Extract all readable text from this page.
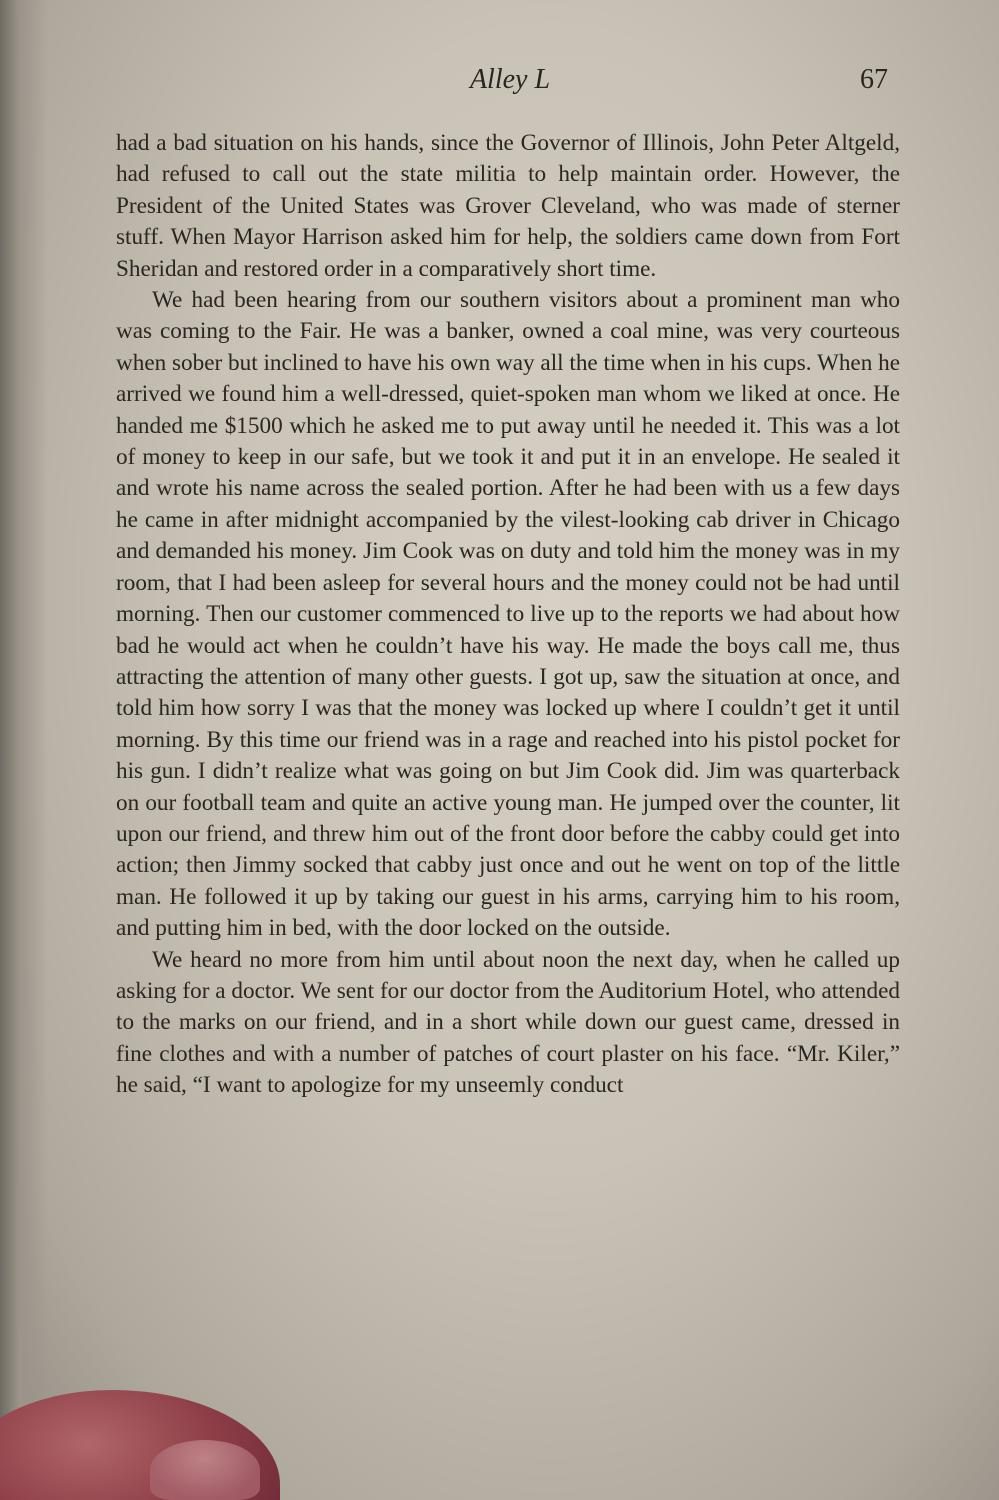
Alley L	67

had a bad situation on his hands, since the Governor of Illinois, John Peter Altgeld, had refused to call out the state militia to help maintain order. However, the President of the United States was Grover Cleveland, who was made of sterner stuff. When Mayor Harrison asked him for help, the soldiers came down from Fort Sheridan and restored order in a comparatively short time.

We had been hearing from our southern visitors about a prominent man who was coming to the Fair. He was a banker, owned a coal mine, was very courteous when sober but inclined to have his own way all the time when in his cups. When he arrived we found him a well-dressed, quiet-spoken man whom we liked at once. He handed me $1500 which he asked me to put away until he needed it. This was a lot of money to keep in our safe, but we took it and put it in an envelope. He sealed it and wrote his name across the sealed portion. After he had been with us a few days he came in after midnight accompanied by the vilest-looking cab driver in Chicago and demanded his money. Jim Cook was on duty and told him the money was in my room, that I had been asleep for several hours and the money could not be had until morning. Then our customer commenced to live up to the reports we had about how bad he would act when he couldn’t have his way. He made the boys call me, thus attracting the attention of many other guests. I got up, saw the situation at once, and told him how sorry I was that the money was locked up where I couldn’t get it until morning. By this time our friend was in a rage and reached into his pistol pocket for his gun. I didn’t realize what was going on but Jim Cook did. Jim was quarterback on our football team and quite an active young man. He jumped over the counter, lit upon our friend, and threw him out of the front door before the cabby could get into action; then Jimmy socked that cabby just once and out he went on top of the little man. He followed it up by taking our guest in his arms, carrying him to his room, and putting him in bed, with the door locked on the outside.

We heard no more from him until about noon the next day, when he called up asking for a doctor. We sent for our doctor from the Auditorium Hotel, who attended to the marks on our friend, and in a short while down our guest came, dressed in fine clothes and with a number of patches of court plaster on his face. “Mr. Kiler,” he said, “I want to apologize for my unseemly conduct
